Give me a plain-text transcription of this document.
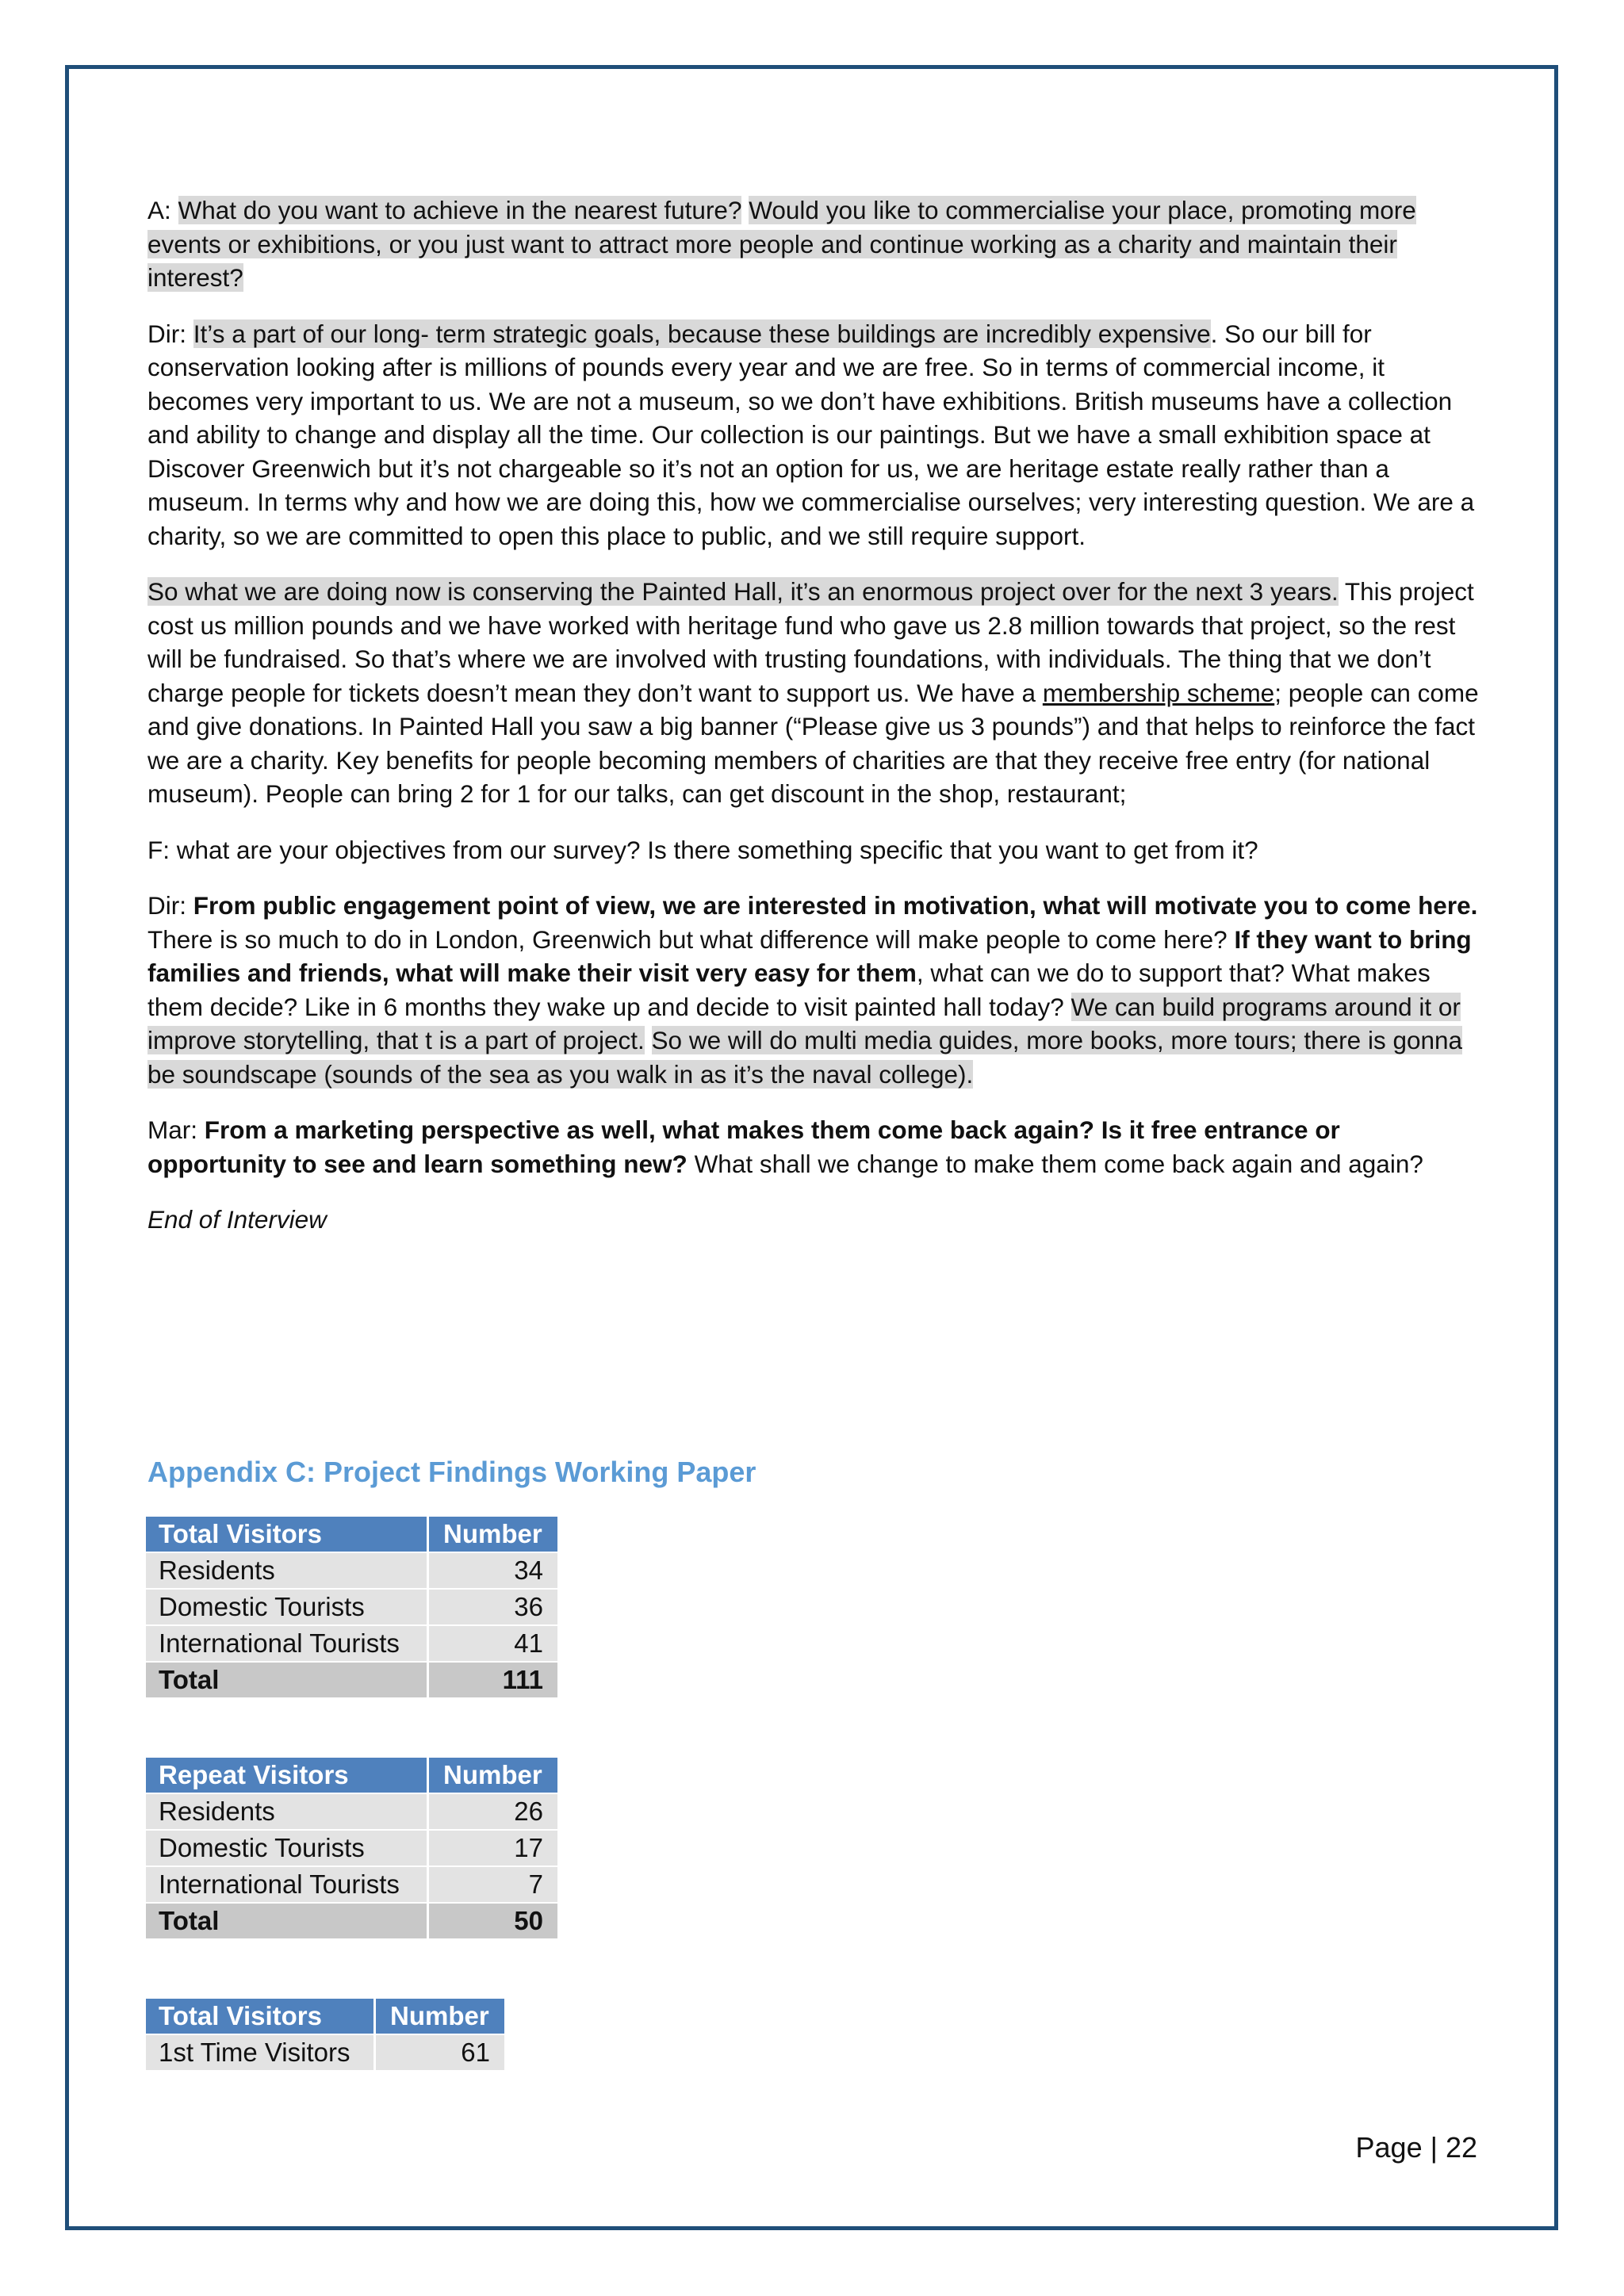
A: What do you want to achieve in the nearest future? Would you like to commercialise your place, promoting more events or exhibitions, or you just want to attract more people and continue working as a charity and maintain their interest?

Dir: It’s a part of our long- term strategic goals, because these buildings are incredibly expensive. So our bill for conservation looking after is millions of pounds every year and we are free. So in terms of commercial income, it becomes very important to us. We are not a museum, so we don’t have exhibitions. British museums have a collection and ability to change and display all the time. Our collection is our paintings. But we have a small exhibition space at Discover Greenwich but it’s not chargeable so it’s not an option for us, we are heritage estate really rather than a museum. In terms why and how we are doing this, how we commercialise ourselves; very interesting question. We are a charity, so we are committed to open this place to public, and we still require support.

So what we are doing now is conserving the Painted Hall, it’s an enormous project over for the next 3 years. This project cost us million pounds and we have worked with heritage fund who gave us 2.8 million towards that project, so the rest will be fundraised. So that’s where we are involved with trusting foundations, with individuals. The thing that we don’t charge people for tickets doesn’t mean they don’t want to support us. We have a membership scheme; people can come and give donations. In Painted Hall you saw a big banner (“Please give us 3 pounds”) and that helps to reinforce the fact we are a charity. Key benefits for people becoming members of charities are that they receive free entry (for national museum). People can bring 2 for 1 for our talks, can get discount in the shop, restaurant;

F: what are your objectives from our survey? Is there something specific that you want to get from it?

Dir: From public engagement point of view, we are interested in motivation, what will motivate you to come here. There is so much to do in London, Greenwich but what difference will make people to come here? If they want to bring families and friends, what will make their visit very easy for them, what can we do to support that? What makes them decide? Like in 6 months they wake up and decide to visit painted hall today? We can build programs around it or improve storytelling, that t is a part of project. So we will do multi media guides, more books, more tours; there is gonna be soundscape (sounds of the sea as you walk in as it’s the naval college).

Mar: From a marketing perspective as well, what makes them come back again? Is it free entrance or opportunity to see and learn something new? What shall we change to make them come back again and again?

End of Interview

Appendix C: Project Findings Working Paper
Total Visitors	Number
Residents	34
Domestic Tourists	36
International Tourists	41
Total	111
Repeat Visitors	Number
Residents	26
Domestic Tourists	17
International Tourists	7
Total	50
Total Visitors	Number
1st Time Visitors	61

Page | 22
